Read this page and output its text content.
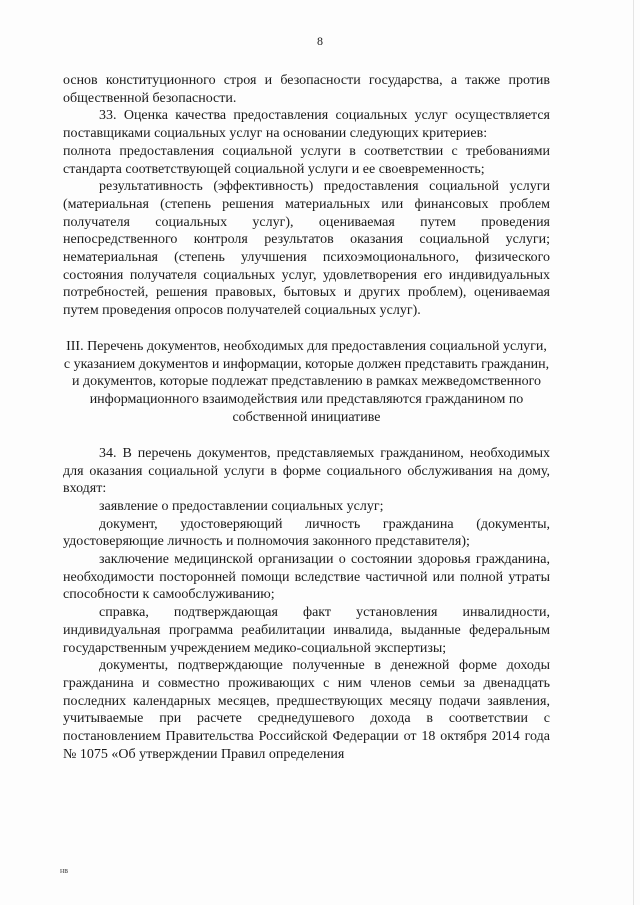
8

основ конституционного строя и безопасности государства, а также против общественной безопасности.

33. Оценка качества предоставления социальных услуг осуществляется поставщиками социальных услуг на основании следующих критериев:

полнота предоставления социальной услуги в соответствии с требованиями стандарта соответствующей социальной услуги и ее своевременность;

результативность (эффективность) предоставления социальной услуги (материальная (степень решения материальных или финансовых проблем получателя социальных услуг), оцениваемая путем проведения непосредственного контроля результатов оказания социальной услуги; нематериальная (степень улучшения психоэмоционального, физического состояния получателя социальных услуг, удовлетворения его индивидуальных потребностей, решения правовых, бытовых и других проблем), оцениваемая путем проведения опросов получателей социальных услуг).

III. Перечень документов, необходимых для предоставления социальной услуги, с указанием документов и информации, которые должен представить гражданин, и документов, которые подлежат представлению в рамках межведомственного информационного взаимодействия или представляются гражданином по собственной инициативе

34. В перечень документов, представляемых гражданином, необходимых для оказания социальной услуги в форме социального обслуживания на дому, входят:

заявление о предоставлении социальных услуг;

документ, удостоверяющий личность гражданина (документы, удостоверяющие личность и полномочия законного представителя);

заключение медицинской организации о состоянии здоровья гражданина, необходимости посторонней помощи вследствие частичной или полной утраты способности к самообслуживанию;

справка, подтверждающая факт установления инвалидности, индивидуальная программа реабилитации инвалида, выданные федеральным государственным учреждением медико-социальной экспертизы;

документы, подтверждающие полученные в денежной форме доходы гражданина и совместно проживающих с ним членов семьи за двенадцать последних календарных месяцев, предшествующих месяцу подачи заявления, учитываемые при расчете среднедушевого дохода в соответствии с постановлением Правительства Российской Федерации от 18 октября 2014 года № 1075 «Об утверждении Правил определения

нв
